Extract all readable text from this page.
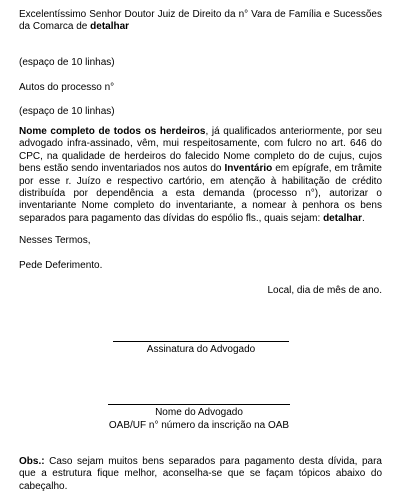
Excelentíssimo Senhor Doutor Juiz de Direito da n° Vara de Família e Sucessões da Comarca de detalhar
(espaço de 10 linhas)
Autos do processo n°
(espaço de 10 linhas)
Nome completo de todos os herdeiros, já qualificados anteriormente, por seu advogado infra-assinado, vêm, mui respeitosamente, com fulcro no art. 646 do CPC, na qualidade de herdeiros do falecido Nome completo do de cujus, cujos bens estão sendo inventariados nos autos do Inventário em epígrafe, em trâmite por esse r. Juízo e respectivo cartório, em atenção à habilitação de crédito distribuída por dependência a esta demanda (processo n°), autorizar o inventariante Nome completo do inventariante, a nomear à penhora os bens separados para pagamento das dívidas do espólio fls., quais sejam: detalhar.
Nesses Termos,
Pede Deferimento.
Local, dia de mês de ano.
Assinatura do Advogado
Nome do Advogado
OAB/UF n° número da inscrição na OAB
Obs.: Caso sejam muitos bens separados para pagamento desta dívida, para que a estrutura fique melhor, aconselha-se que se façam tópicos abaixo do cabeçalho.
